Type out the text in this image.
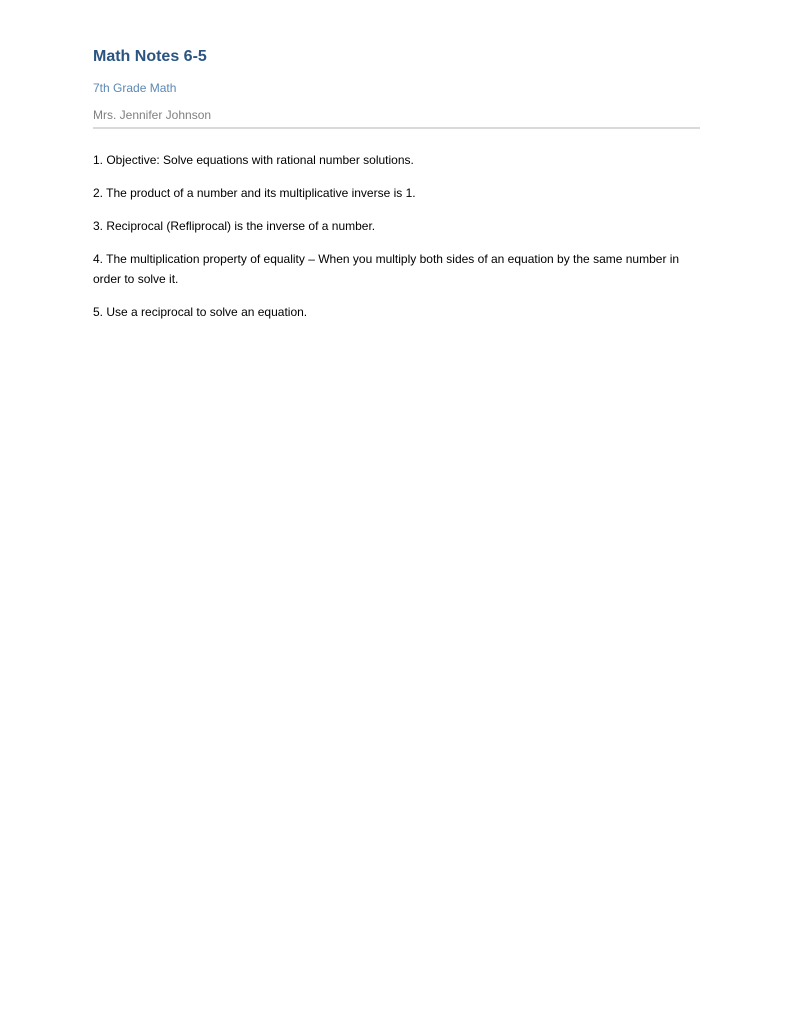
Math Notes 6-5
7th Grade Math
Mrs. Jennifer Johnson

1. Objective: Solve equations with rational number solutions.

2. The product of a number and its multiplicative inverse is 1.

3. Reciprocal (Refliprocal) is the inverse of a number.

4. The multiplication property of equality – When you multiply both sides of an equation by the same number in order to solve it.

5. Use a reciprocal to solve an equation.
